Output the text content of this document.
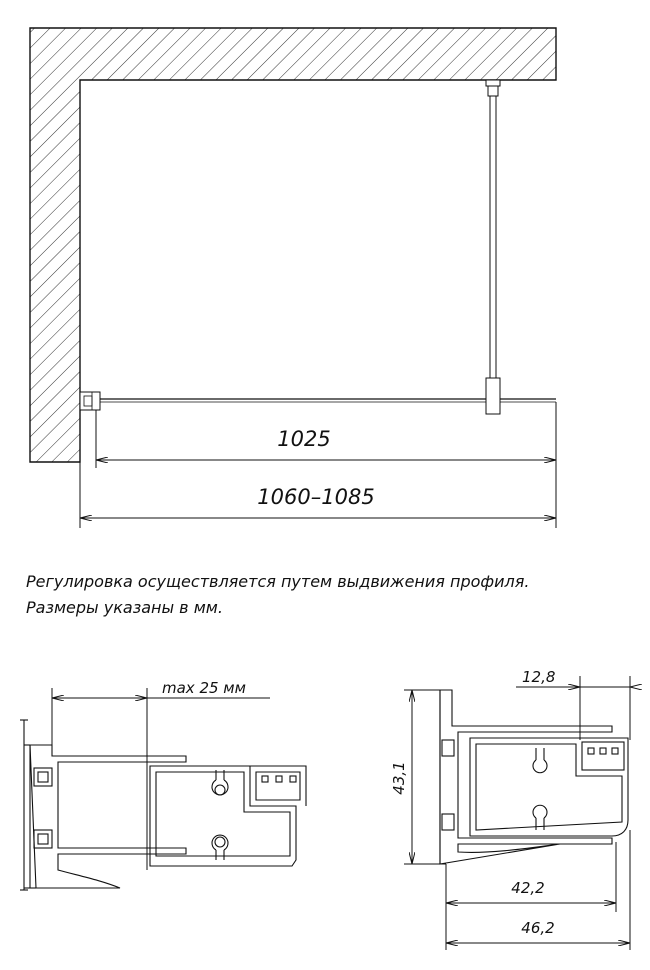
1025
1060–1085
max 25 мм
12,8
43,1
42,2
46,2
Регулировка осуществляется путем выдвижения профиля.
Размеры указаны в мм.
